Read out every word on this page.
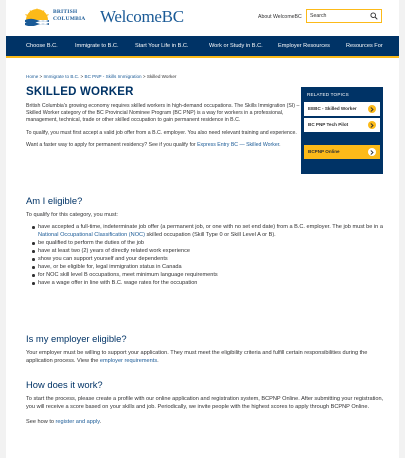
BRITISH
COLUMBIA WelcomeBC	About WelcomeBC
Search
Choose B.C.	Immigrate to B.C.	Start Your Life in B.C.	Work or Study in B.C.	Employer Resources	Resources For
Home > Immigrate to B.C. > BC PNP - Skills Immigration > Skilled Worker
SKILLED WORKER

British Columbia's growing economy requires skilled workers in high-demand occupations. The Skills Immigration (SI) – Skilled Worker category of the BC Provincial Nominee Program (BC PNP) is a way for workers in a professional, management, technical, trade or other skilled occupation to gain permanent residence in B.C.

To qualify, you must first accept a valid job offer from a B.C. employer. You also need relevant training and experience.

Want a faster way to apply for permanent residency? See if you qualify for Express Entry BC — Skilled Worker.

RELATED TOPICS
EEBC - Skilled Worker
BC PNP Tech Pilot
BCPNP Online
Am I eligible?

To qualify for this category, you must:

have accepted a full-time, indeterminate job offer (a permanent job, or one with no set end date) from a B.C. employer. The job must be in a National Occupational Classification (NOC) skilled occupation (Skill Type 0 or Skill Level A or B).
be qualified to perform the duties of the job
have at least two (2) years of directly related work experience
show you can support yourself and your dependents
have, or be eligible for, legal immigration status in Canada
for NOC skill level B occupations, meet minimum language requirements
have a wage offer in line with B.C. wage rates for the occupation
Is my employer eligible?

Your employer must be willing to support your application. They must meet the eligibility criteria and fulfill certain responsibilities during the application process. View the employer requirements.

How does it work?

To start the process, please create a profile with our online application and registration system, BCPNP Online. After submitting your registration, you will receive a score based on your skills and job. Periodically, we invite people with the highest scores to apply through BCPNP Online.

See how to register and apply.
